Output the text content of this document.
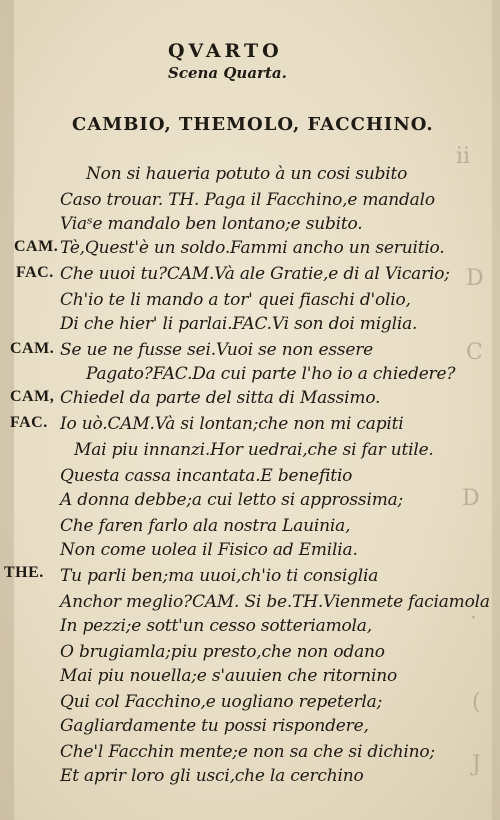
QVARTO
Scena Quarta.
CAMBIO, THEMOLO, FACCHINO.
CAM.
FAC.
CAM.
CAM,
FAC.
THE.
Non si haueria potuto à un cosi subito
Caso trouar. TH. Paga il Facchino,e mandalo
Viaˢe mandalo ben lontano;e subito.
Tè,Quest'è un soldo.Fammi ancho un seruitio.
Che uuoi tu?CAM.Và ale Gratie,e di al Vicario;
Ch'io te li mando a tor' quei fiaschi d'olio,
Di che hier' li parlai.FAC.Vi son doi miglia.
Se ue ne fusse sei.Vuoi se non essere
Pagato?FAC.Da cui parte l'ho io a chiedere?
Chiedel da parte del sitta di Massimo.
Io uò.CAM.Và si lontan;che non mi capiti
Mai piu innanzi.Hor uedrai,che si far utile.
Questa cassa incantata.E benefitio
A donna debbe;a cui letto si approssima;
Che faren farlo ala nostra Lauinia,
Non come uolea il Fisico ad Emilia.
Tu parli ben;ma uuoi,ch'io ti consiglia
Anchor meglio?CAM. Si be.TH.Vienmete faciamola
In pezzi;e sott'un cesso sotteriamola,
O brugiamla;piu presto,che non odano
Mai piu nouella;e s'auuien che ritornino
Qui col Facchino,e uogliano repeterla;
Gagliardamente tu possi rispondere,
Che'l Facchin mente;e non sa che si dichino;
Et aprir loro gli usci,che la cerchino
ii
D
C
D
·
(
J
